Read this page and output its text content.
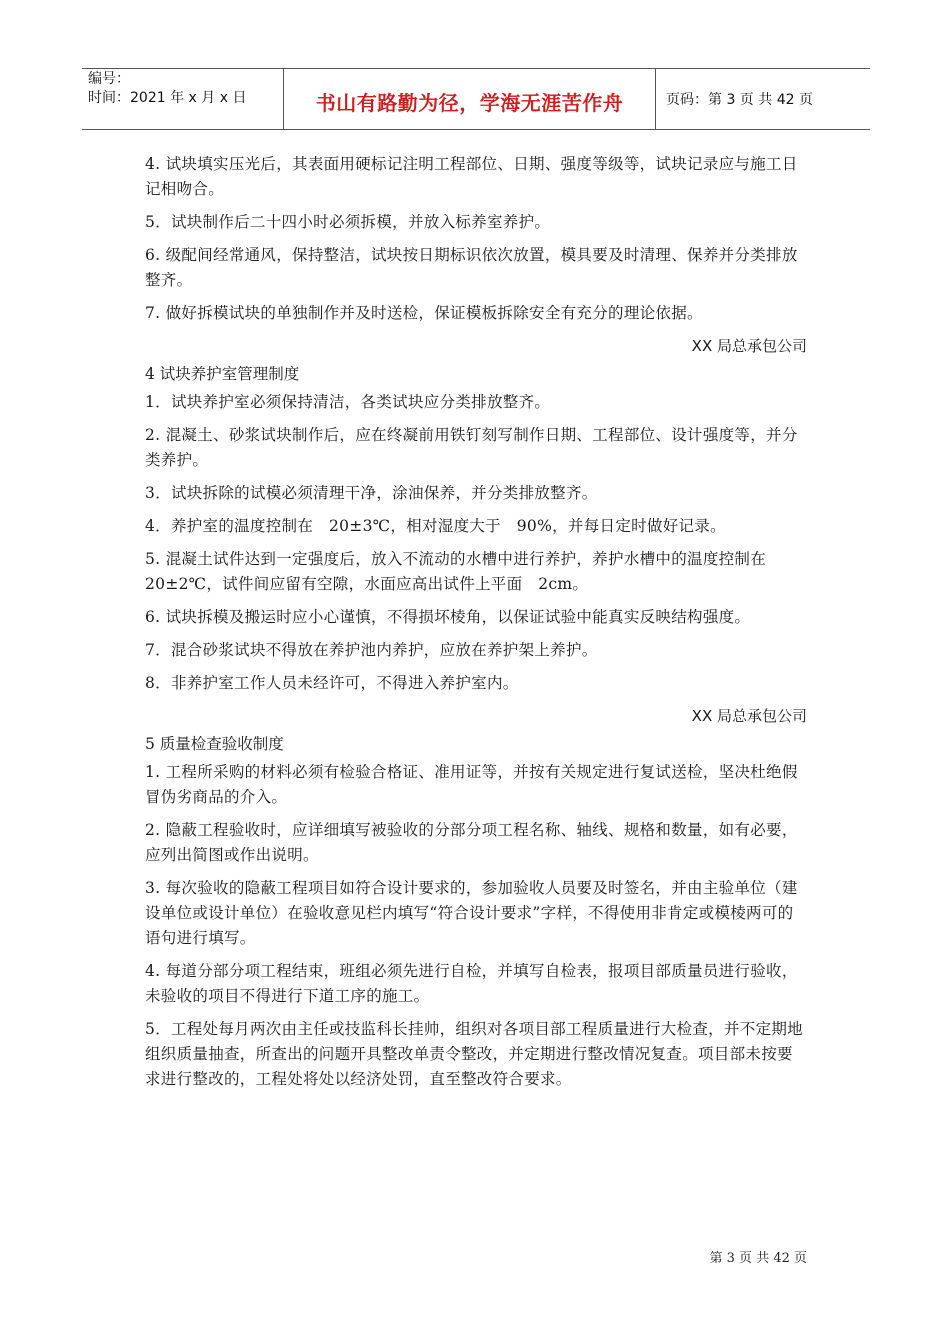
编号：
时间：2021 年 x 月 x 日	书山有路勤为径，学海无涯苦作舟	页码：第 3 页 共 42 页

4. 试块填实压光后，其表面用硬标记注明工程部位、日期、强度等级等，试块记录应与施工日记相吻合。

5．试块制作后二十四小时必须拆模，并放入标养室养护。

6. 级配间经常通风，保持整洁，试块按日期标识依次放置，模具要及时清理、保养并分类排放整齐。

7. 做好拆模试块的单独制作并及时送检，保证模板拆除安全有充分的理论依据。

XX 局总承包公司
4 试块养护室管理制度

1．试块养护室必须保持清洁，各类试块应分类排放整齐。

2. 混凝土、砂浆试块制作后，应在终凝前用铁钉刻写制作日期、工程部位、设计强度等，并分类养护。

3．试块拆除的试模必须清理干净，涂油保养，并分类排放整齐。

4．养护室的温度控制在　20±3℃，相对湿度大于　90%，并每日定时做好记录。

5. 混凝土试件达到一定强度后，放入不流动的水槽中进行养护，养护水槽中的温度控制在　20±2℃，试件间应留有空隙，水面应高出试件上平面　2cm。

6. 试块拆模及搬运时应小心谨慎，不得损坏棱角，以保证试验中能真实反映结构强度。

7．混合砂浆试块不得放在养护池内养护，应放在养护架上养护。

8．非养护室工作人员未经许可，不得进入养护室内。

XX 局总承包公司
5 质量检查验收制度

1. 工程所采购的材料必须有检验合格证、准用证等，并按有关规定进行复试送检，坚决杜绝假冒伪劣商品的介入。

2. 隐蔽工程验收时，应详细填写被验收的分部分项工程名称、轴线、规格和数量，如有必要，应列出简图或作出说明。

3. 每次验收的隐蔽工程项目如符合设计要求的，参加验收人员要及时签名，并由主验单位（建设单位或设计单位）在验收意见栏内填写“符合设计要求”字样，不得使用非肯定或模棱两可的语句进行填写。

4. 每道分部分项工程结束，班组必须先进行自检，并填写自检表，报项目部质量员进行验收，未验收的项目不得进行下道工序的施工。

5．工程处每月两次由主任或技监科长挂帅，组织对各项目部工程质量进行大检查，并不定期地组织质量抽查，所查出的问题开具整改单责令整改，并定期进行整改情况复查。项目部未按要求进行整改的，工程处将处以经济处罚，直至整改符合要求。

第 3 页 共 42 页
